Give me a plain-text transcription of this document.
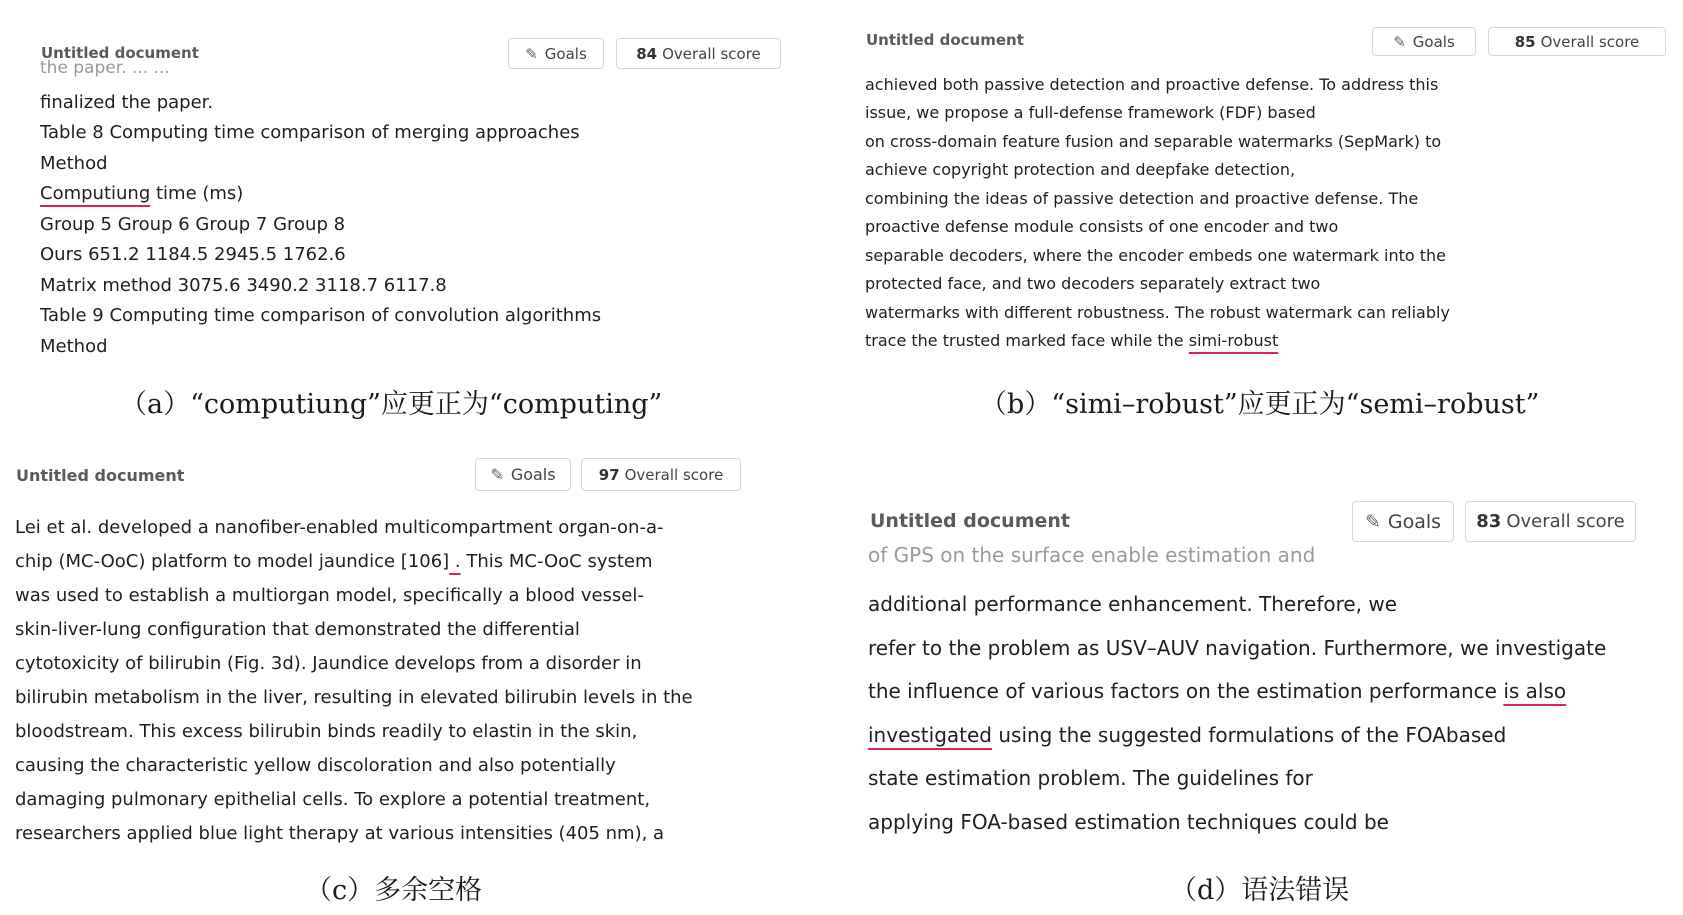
Untitled document	✎ Goals	84 Overall score
the paper. ... ...
finalized the paper.
Table 8 Computing time comparison of merging approaches
Method
Computiung time (ms)
Group 5 Group 6 Group 7 Group 8
Ours 651.2 1184.5 2945.5 1762.6
Matrix method 3075.6 3490.2 3118.7 6117.8
Table 9 Computing time comparison of convolution algorithms
Method
（a）“computiung”应更正为“computing”
Untitled document	✎ Goals	85 Overall score
achieved both passive detection and proactive defense. To address this
issue, we propose a full-defense framework (FDF) based
on cross-domain feature fusion and separable watermarks (SepMark) to
achieve copyright protection and deepfake detection,
combining the ideas of passive detection and proactive defense. The
proactive defense module consists of one encoder and two
separable decoders, where the encoder embeds one watermark into the
protected face, and two decoders separately extract two
watermarks with different robustness. The robust watermark can reliably
trace the trusted marked face while the simi-robust
（b）“simi–robust”应更正为“semi–robust”
Untitled document	✎ Goals	97 Overall score
Lei et al. developed a nanofiber-enabled multicompartment organ-on-a-
chip (MC-OoC) platform to model jaundice [106] . This MC-OoC system
was used to establish a multiorgan model, specifically a blood vessel-
skin-liver-lung configuration that demonstrated the differential
cytotoxicity of bilirubin (Fig. 3d). Jaundice develops from a disorder in
bilirubin metabolism in the liver, resulting in elevated bilirubin levels in the
bloodstream. This excess bilirubin binds readily to elastin in the skin,
causing the characteristic yellow discoloration and also potentially
damaging pulmonary epithelial cells. To explore a potential treatment,
researchers applied blue light therapy at various intensities (405 nm), a
（c）多余空格
Untitled document	✎ Goals 83 Overall score
of GPS on the surface enable estimation and
additional performance enhancement. Therefore, we
refer to the problem as USV–AUV navigation. Furthermore, we investigate
the influence of various factors on the estimation performance is also
investigated using the suggested formulations of the FOAbased
state estimation problem. The guidelines for
applying FOA-based estimation techniques could be
（d）语法错误
